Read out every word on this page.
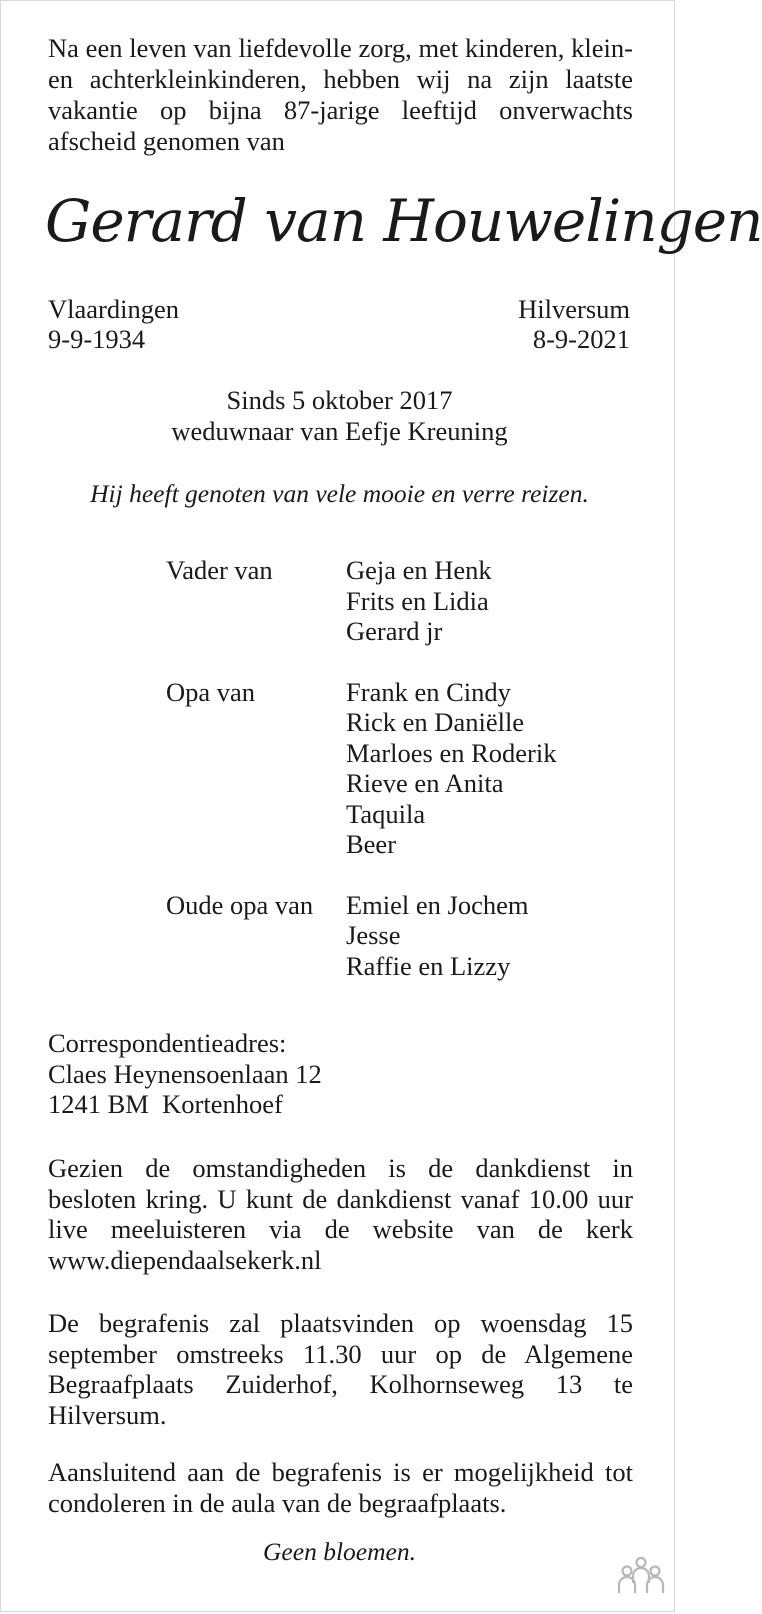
Na een leven van liefdevolle zorg, met kinderen, klein- en achterkleinkinderen, hebben wij na zijn laatste vakantie op bijna 87-jarige leeftijd onverwachts afscheid genomen van
Gerard van Houwelingen
Vlaardingen
9-9-1934
Hilversum
8-9-2021
Sinds 5 oktober 2017
weduwnaar van Eefje Kreuning
Hij heeft genoten van vele mooie en verre reizen.
Vader van	Geja en Henk
Frits en Lidia
Gerard jr
Opa van	Frank en Cindy
Rick en Daniëlle
Marloes en Roderik
Rieve en Anita
Taquila
Beer
Oude opa van	Emiel en Jochem
Jesse
Raffie en Lizzy
Correspondentieadres:
Claes Heynensoenlaan 12
1241 BM  Kortenhoef
Gezien de omstandigheden is de dankdienst in besloten kring. U kunt de dankdienst vanaf 10.00 uur live meeluisteren via de website van de kerk www.diependaalsekerk.nl
De begrafenis zal plaatsvinden op woensdag 15 september omstreeks 11.30 uur op de Algemene Begraafplaats Zuiderhof, Kolhornseweg 13 te Hilversum.
Aansluitend aan de begrafenis is er mogelijkheid tot condoleren in de aula van de begraafplaats.
Geen bloemen.
